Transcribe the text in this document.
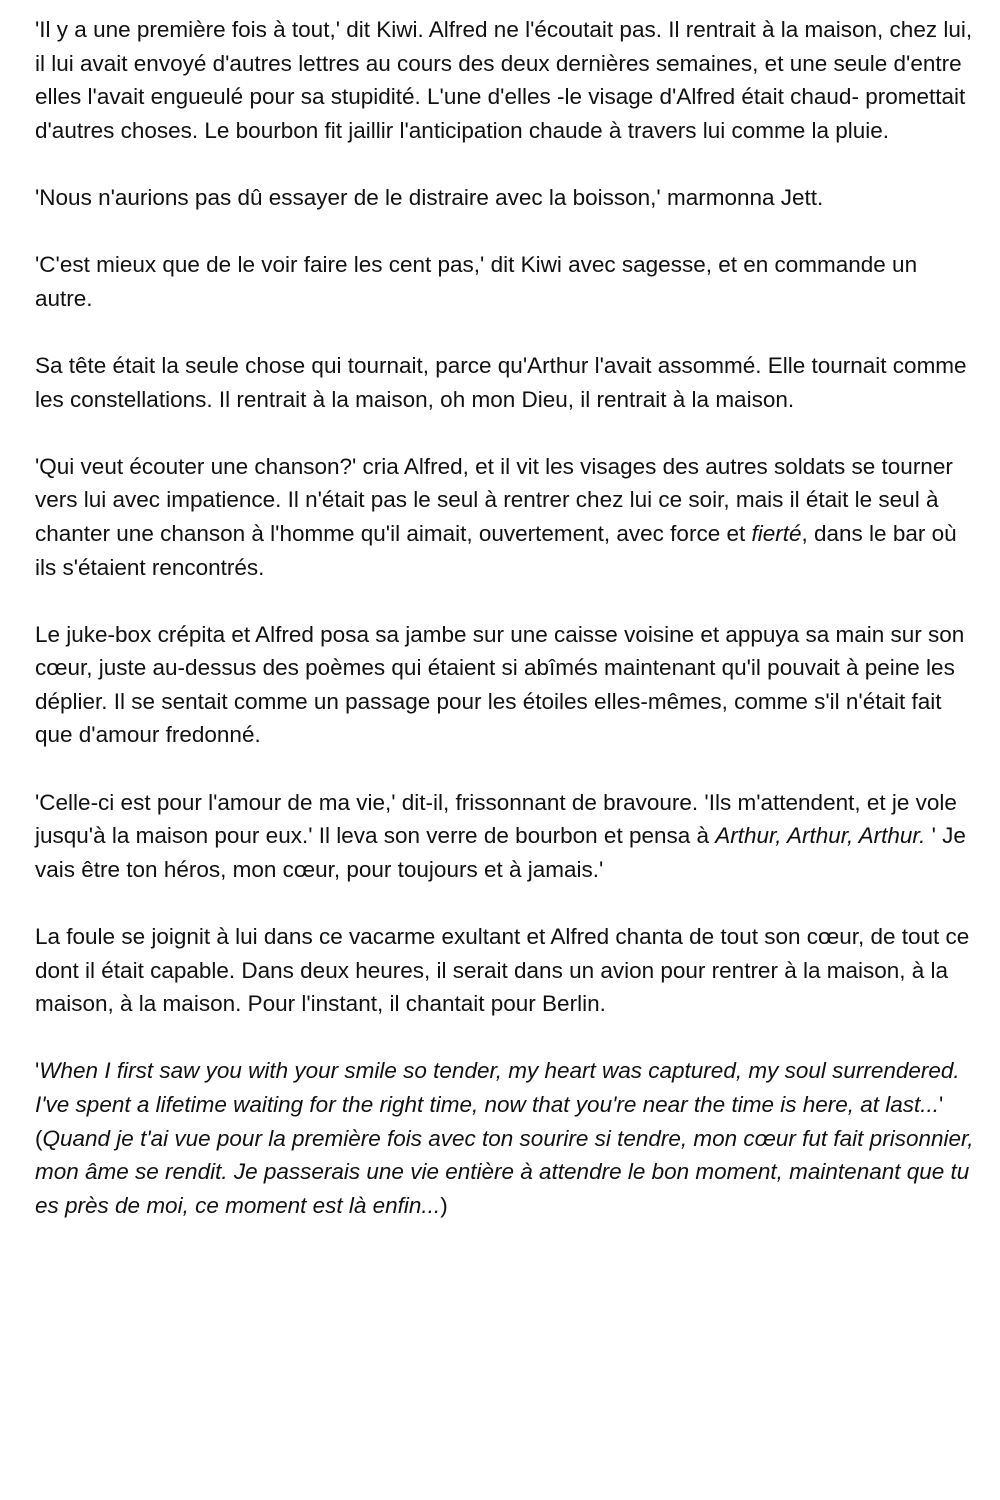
'Il y a une première fois à tout,' dit Kiwi. Alfred ne l'écoutait pas. Il rentrait à la maison, chez lui, il lui avait envoyé d'autres lettres au cours des deux dernières semaines, et une seule d'entre elles l'avait engueulé pour sa stupidité. L'une d'elles -le visage d'Alfred était chaud- promettait d'autres choses. Le bourbon fit jaillir l'anticipation chaude à travers lui comme la pluie.

'Nous n'aurions pas dû essayer de le distraire avec la boisson,' marmonna Jett.

'C'est mieux que de le voir faire les cent pas,' dit Kiwi avec sagesse, et en commande un autre.

Sa tête était la seule chose qui tournait, parce qu'Arthur l'avait assommé. Elle tournait comme les constellations. Il rentrait à la maison, oh mon Dieu, il rentrait à la maison.

'Qui veut écouter une chanson?' cria Alfred, et il vit les visages des autres soldats se tourner vers lui avec impatience. Il n'était pas le seul à rentrer chez lui ce soir, mais il était le seul à chanter une chanson à l'homme qu'il aimait, ouvertement, avec force et fierté, dans le bar où ils s'étaient rencontrés.

Le juke-box crépita et Alfred posa sa jambe sur une caisse voisine et appuya sa main sur son cœur, juste au-dessus des poèmes qui étaient si abîmés maintenant qu'il pouvait à peine les déplier. Il se sentait comme un passage pour les étoiles elles-mêmes, comme s'il n'était fait que d'amour fredonné.

'Celle-ci est pour l'amour de ma vie,' dit-il, frissonnant de bravoure. 'Ils m'attendent, et je vole jusqu'à la maison pour eux.' Il leva son verre de bourbon et pensa à Arthur, Arthur, Arthur. ' Je vais être ton héros, mon cœur, pour toujours et à jamais.'

La foule se joignit à lui dans ce vacarme exultant et Alfred chanta de tout son cœur, de tout ce dont il était capable. Dans deux heures, il serait dans un avion pour rentrer à la maison, à la maison, à la maison. Pour l'instant, il chantait pour Berlin.

'When I first saw you with your smile so tender, my heart was captured, my soul surrendered. I've spent a lifetime waiting for the right time, now that you're near the time is here, at last...' (Quand je t'ai vue pour la première fois avec ton sourire si tendre, mon cœur fut fait prisonnier, mon âme se rendit. Je passerais une vie entière à attendre le bon moment, maintenant que tu es près de moi, ce moment est là enfin...)
